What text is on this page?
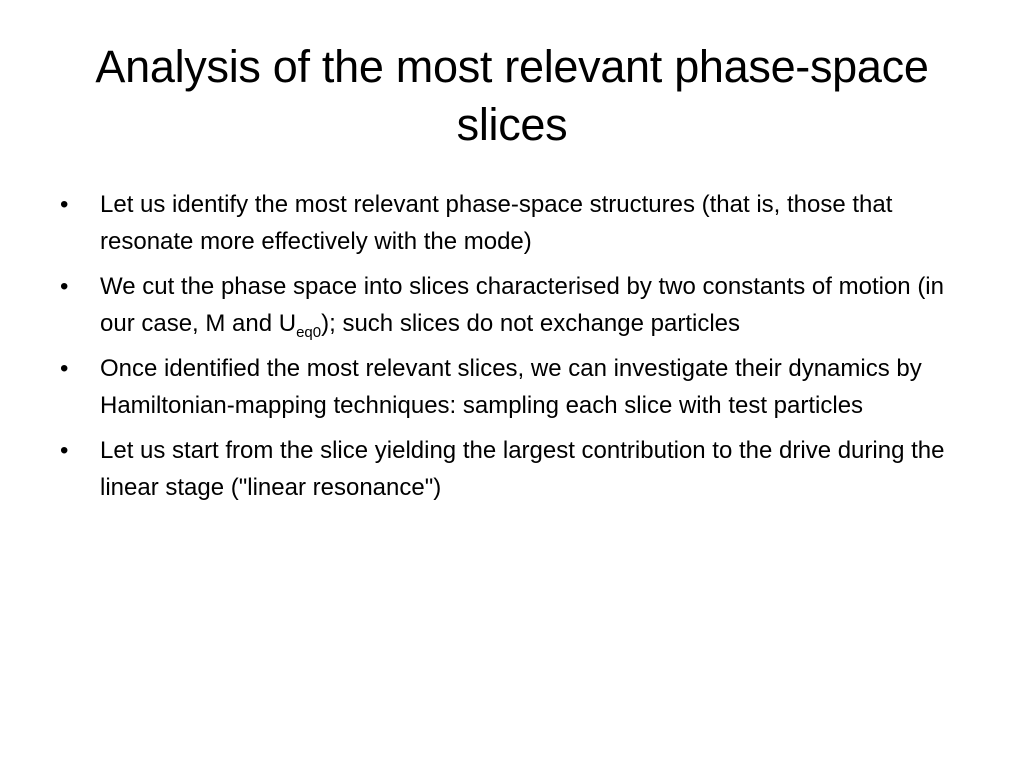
Analysis of the most relevant phase-space slices
•	Let us identify the most relevant phase-space structures (that is, those that resonate more effectively with the mode)
•	We cut the phase space into slices characterised by two constants of motion (in our case, M and $U_{eq0}$); such slices do not exchange particles
•	Once identified the most relevant slices, we can investigate their dynamics by Hamiltonian-mapping techniques: sampling each slice with test particles
•	Let us start from the slice yielding the largest contribution to the drive during the linear stage ("linear resonance")
